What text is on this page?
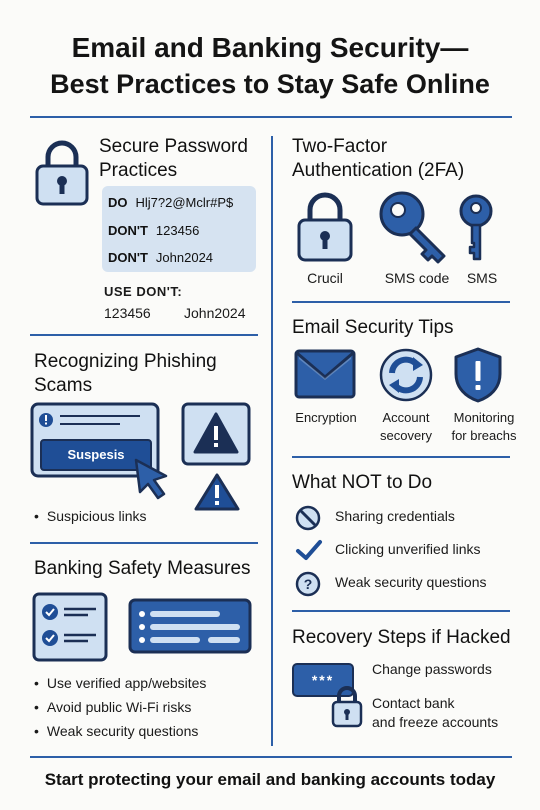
Email and Banking Security—
Best Practices to Stay Safe Online
Secure Password
Practices
DO Hlj7?2@Mclr#P$
DON'T 123456
DON'T John2024
USE DON'T:
123456 John2024
Two-Factor
Authentication (2FA)
Crucil	SMS code	SMS
Recognizing Phishing
Scams
Suspesis
• Suspicious links
Email Security Tips
Encryption	Account
secovery
Monitoring
for breachs
What NOT to Do
Sharing credentials
Clicking unverified links
? Weak security questions
Banking Safety Measures
• Use verified app/websites
• Avoid public Wi-Fi risks
• Weak security questions
Recovery Steps if Hacked
***
Change passwords
Contact bank
and freeze accounts
Start protecting your email and banking accounts today
